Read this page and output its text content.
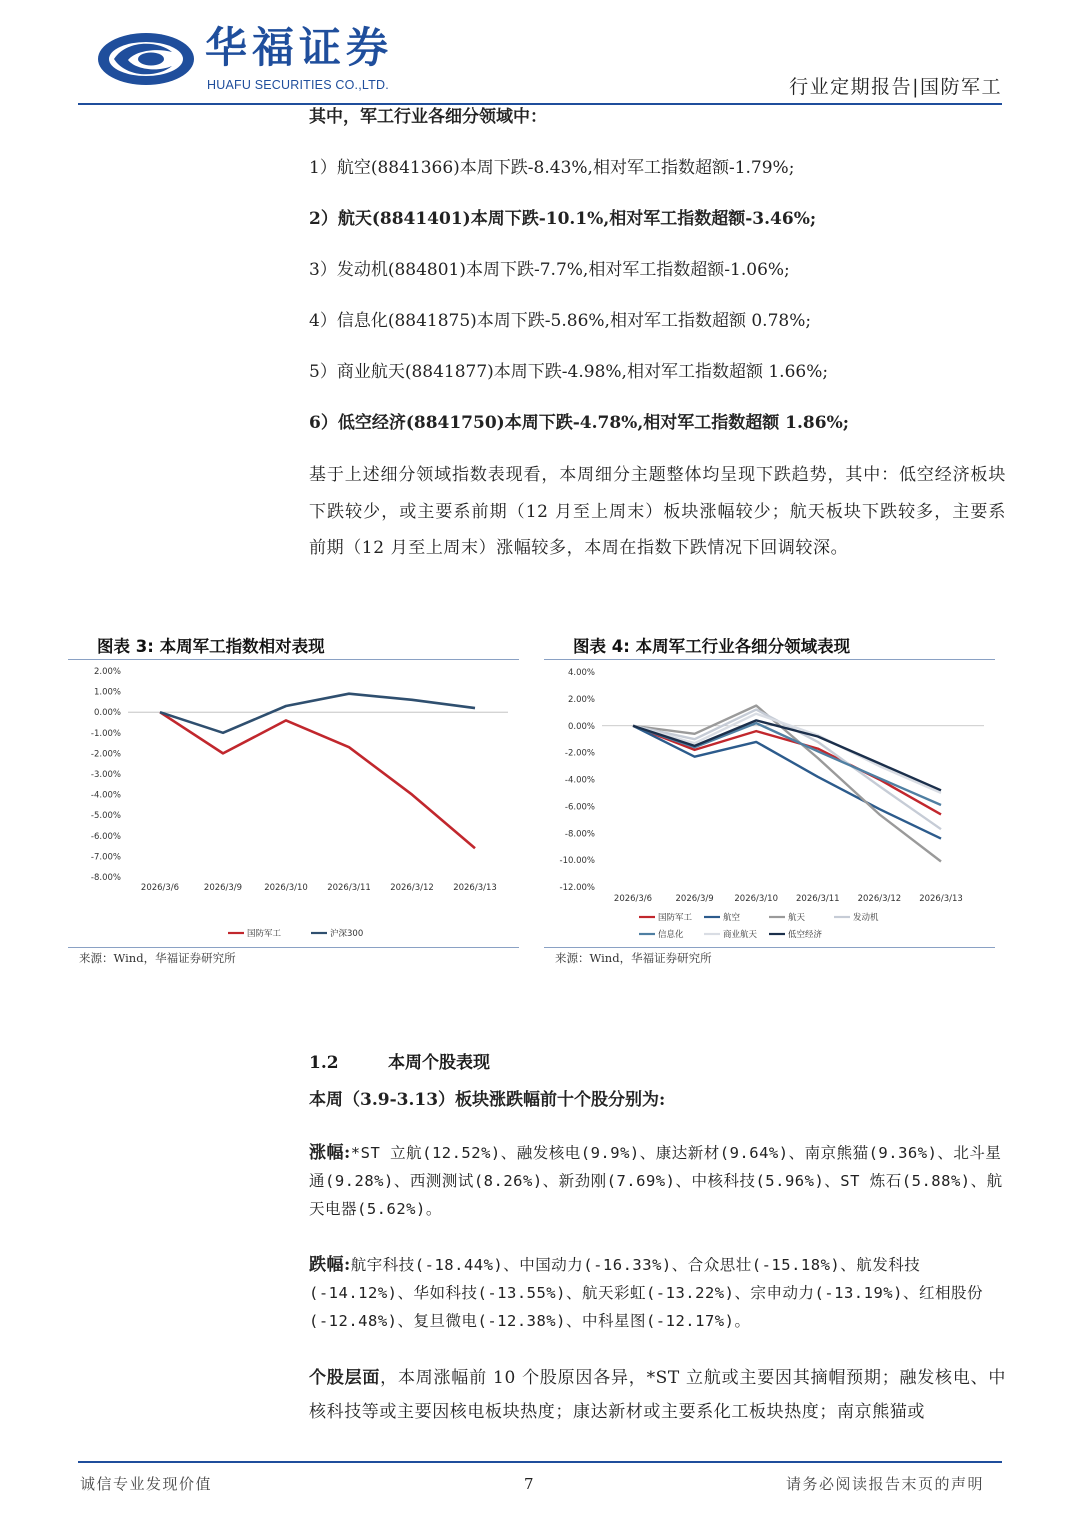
华福证券
HUAFU SECURITIES CO.,LTD.	行业定期报告|国防军工
其中，军工行业各细分领域中：
1）航空(8841366)本周下跌-8.43%,相对军工指数超额-1.79%;
2）航天(8841401)本周下跌-10.1%,相对军工指数超额-3.46%;
3）发动机(884801)本周下跌-7.7%,相对军工指数超额-1.06%;
4）信息化(8841875)本周下跌-5.86%,相对军工指数超额 0.78%;
5）商业航天(8841877)本周下跌-4.98%,相对军工指数超额 1.66%;
6）低空经济(8841750)本周下跌-4.78%,相对军工指数超额 1.86%;
基于上述细分领域指数表现看，本周细分主题整体均呈现下跌趋势，其中：低空经济板块下跌较少，或主要系前期（12 月至上周末）板块涨幅较少；航天板块下跌较多，主要系前期（12 月至上周末）涨幅较多，本周在指数下跌情况下回调较深。
图表 3: 本周军工指数相对表现
2.00%
1.00%
0.00%
-1.00%
-2.00%
-3.00%
-4.00%
-5.00%
-6.00%
-7.00%
-8.00%
2026/3/6	2026/3/9	2026/3/10 2026/3/11 2026/3/12 2026/3/13
国防军工	沪深300
来源：Wind，华福证券研究所
图表 4: 本周军工行业各细分领域表现
4.00%
2.00%
0.00%
-2.00%
-4.00%
-6.00%
-8.00%
-10.00%
-12.00%
2026/3/6	2026/3/9 2026/3/10 2026/3/11 2026/3/12 2026/3/13
国防军工	航空	航天	发动机
信息化	商业航天	低空经济
来源：Wind，华福证券研究所
1.2	本周个股表现
本周（3.9-3.13）板块涨跌幅前十个股分别为:
涨幅:*ST 立航(12.52%)、融发核电(9.9%)、康达新材(9.64%)、南京熊猫(9.36%)、北斗星通(9.28%)、西测测试(8.26%)、新劲刚(7.69%)、中核科技(5.96%)、ST 炼石(5.88%)、航天电器(5.62%)。
跌幅:航宇科技(-18.44%)、中国动力(-16.33%)、合众思壮(-15.18%)、航发科技(-14.12%)、华如科技(-13.55%)、航天彩虹(-13.22%)、宗申动力(-13.19%)、红相股份(-12.48%)、复旦微电(-12.38%)、中科星图(-12.17%)。
个股层面，本周涨幅前 10 个股原因各异，*ST 立航或主要因其摘帽预期；融发核电、中核科技等或主要因核电板块热度；康达新材或主要系化工板块热度；南京熊猫或
诚信专业发现价值	7	请务必阅读报告末页的声明
